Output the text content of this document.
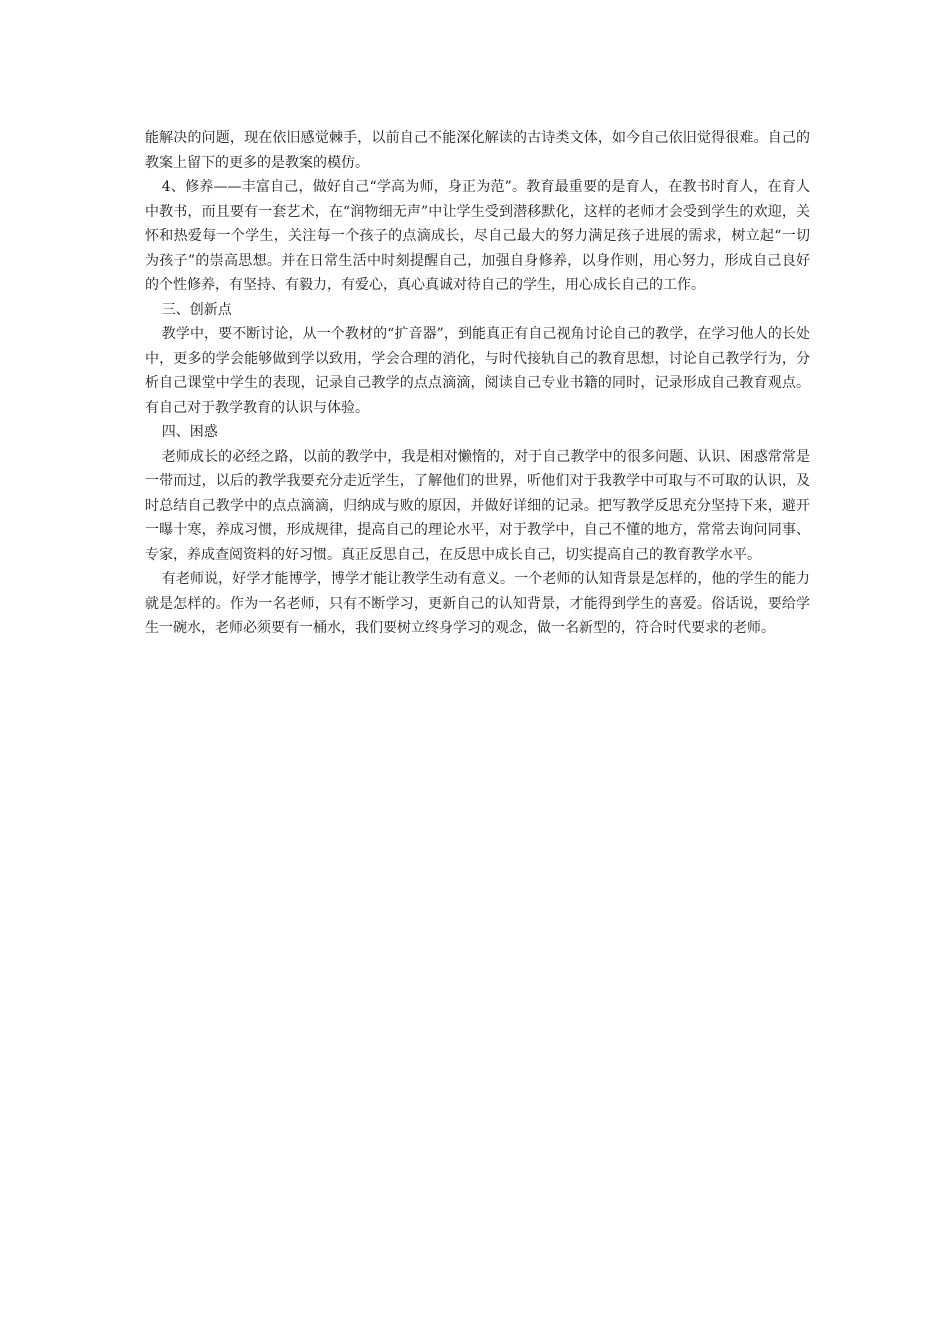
能解决的问题，现在依旧感觉棘手，以前自己不能深化解读的古诗类文体，如今自己依旧觉得很难。自己的教案上留下的更多的是教案的模仿。

4、修养——丰富自己，做好自己“学高为师，身正为范”。教育最重要的是育人，在教书时育人，在育人中教书，而且要有一套艺术，在“润物细无声”中让学生受到潜移默化，这样的老师才会受到学生的欢迎，关怀和热爱每一个学生，关注每一个孩子的点滴成长，尽自己最大的努力满足孩子进展的需求，树立起“一切为孩子”的崇高思想。并在日常生活中时刻提醒自己，加强自身修养，以身作则，用心努力，形成自己良好的个性修养，有坚持、有毅力，有爱心，真心真诚对待自己的学生，用心成长自己的工作。

三、创新点

教学中，要不断讨论，从一个教材的“扩音器”，到能真正有自己视角讨论自己的教学，在学习他人的长处中，更多的学会能够做到学以致用，学会合理的消化，与时代接轨自己的教育思想，讨论自己教学行为，分析自己课堂中学生的表现，记录自己教学的点点滴滴，阅读自己专业书籍的同时，记录形成自己教育观点。有自己对于教学教育的认识与体验。

四、困惑

老师成长的必经之路，以前的教学中，我是相对懒惰的，对于自己教学中的很多问题、认识、困惑常常是一带而过，以后的教学我要充分走近学生，了解他们的世界，听他们对于我教学中可取与不可取的认识，及时总结自己教学中的点点滴滴，归纳成与败的原因，并做好详细的记录。把写教学反思充分坚持下来，避开一曝十寒，养成习惯，形成规律，提高自己的理论水平，对于教学中，自己不懂的地方，常常去询问同事、专家，养成查阅资料的好习惯。真正反思自己，在反思中成长自己，切实提高自己的教育教学水平。

有老师说，好学才能博学，博学才能让教学生动有意义。一个老师的认知背景是怎样的，他的学生的能力就是怎样的。作为一名老师，只有不断学习，更新自己的认知背景，才能得到学生的喜爱。俗话说，要给学生一碗水，老师必须要有一桶水，我们要树立终身学习的观念，做一名新型的，符合时代要求的老师。
